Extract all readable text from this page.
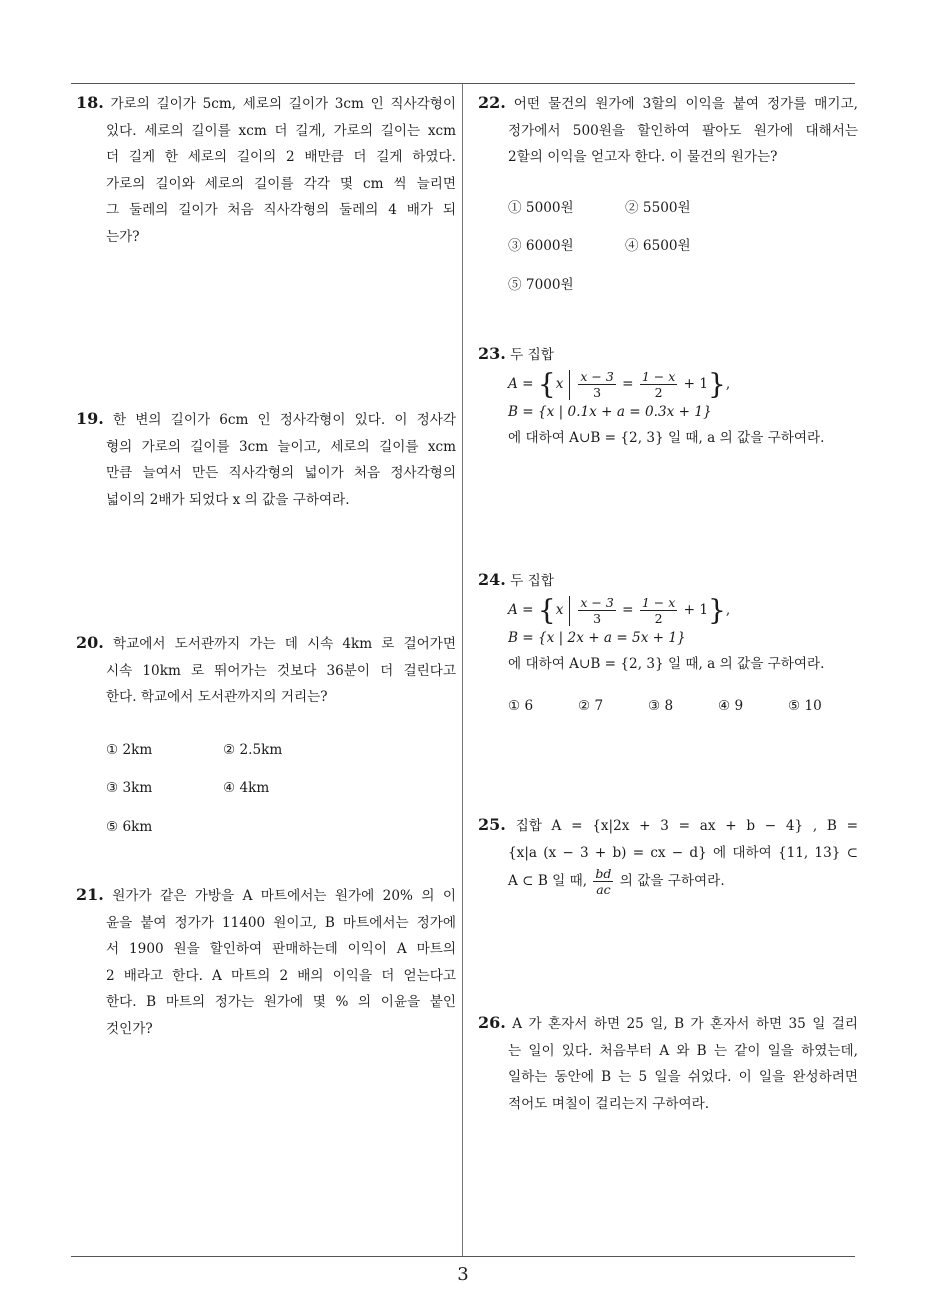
18. 가로의 길이가 5cm, 세로의 길이가 3cm 인 직사각형이

있다. 세로의 길이를 xcm 더 길게, 가로의 길이는 xcm

더 길게 한 세로의 길이의 2 배만큼 더 길게 하였다.

가로의 길이와 세로의 길이를 각각 몇 cm 씩 늘리면

그 둘레의 길이가 처음 직사각형의 둘레의 4 배가 되

는가?

19. 한 변의 길이가 6cm 인 정사각형이 있다. 이 정사각

형의 가로의 길이를 3cm 늘이고, 세로의 길이를 xcm

만큼 늘여서 만든 직사각형의 넓이가 처음 정사각형의

넓이의 2배가 되었다 x 의 값을 구하여라.

20. 학교에서 도서관까지 가는 데 시속 4km 로 걸어가면

시속 10km 로 뛰어가는 것보다 36분이 더 걸린다고

한다. 학교에서 도서관까지의 거리는?

① 2km	② 2.5km
③ 3km	④ 4km
⑤ 6km

21. 원가가 같은 가방을 A 마트에서는 원가에 20% 의 이

윤을 붙여 정가가 11400 원이고, B 마트에서는 정가에

서 1900 원을 할인하여 판매하는데 이익이 A 마트의

2 배라고 한다. A 마트의 2 배의 이익을 더 얻는다고

한다. B 마트의 정가는 원가에 몇 % 의 이윤을 붙인

것인가?

22. 어떤 물건의 원가에 3할의 이익을 붙여 정가를 매기고,

정가에서 500원을 할인하여 팔아도 원가에 대해서는

2할의 이익을 얻고자 한다. 이 물건의 원가는?

① 5000원	② 5500원
③ 6000원	④ 6500원
⑤ 7000원

23. 두 집합

$A = \{x \frac{x - 3}{3} = \frac{1 - x}{2} + 1\}$,

B = {x | 0.1x + a = 0.3x + 1}

에 대하여 A∪B = {2, 3} 일 때, a 의 값을 구하여라.

24. 두 집합

$A = \{x \frac{x - 3}{3} = \frac{1 - x}{2} + 1\}$,

B = {x | 2x + a = 5x + 1}

에 대하여 A∪B = {2, 3} 일 때, a 의 값을 구하여라.

① 6	② 7	③ 8	④ 9	⑤ 10

25. 집합 A = {x|2x + 3 = ax + b − 4} , B =

{x|a (x − 3 + b) = cx − d} 에 대하여 {11, 13} ⊂

A ⊂ B 일 때, $\frac{bd}{ac}$ 의 값을 구하여라.

26. A 가 혼자서 하면 25 일, B 가 혼자서 하면 35 일 걸리

는 일이 있다. 처음부터 A 와 B 는 같이 일을 하였는데,

일하는 동안에 B 는 5 일을 쉬었다. 이 일을 완성하려면

적어도 며칠이 걸리는지 구하여라.

3
